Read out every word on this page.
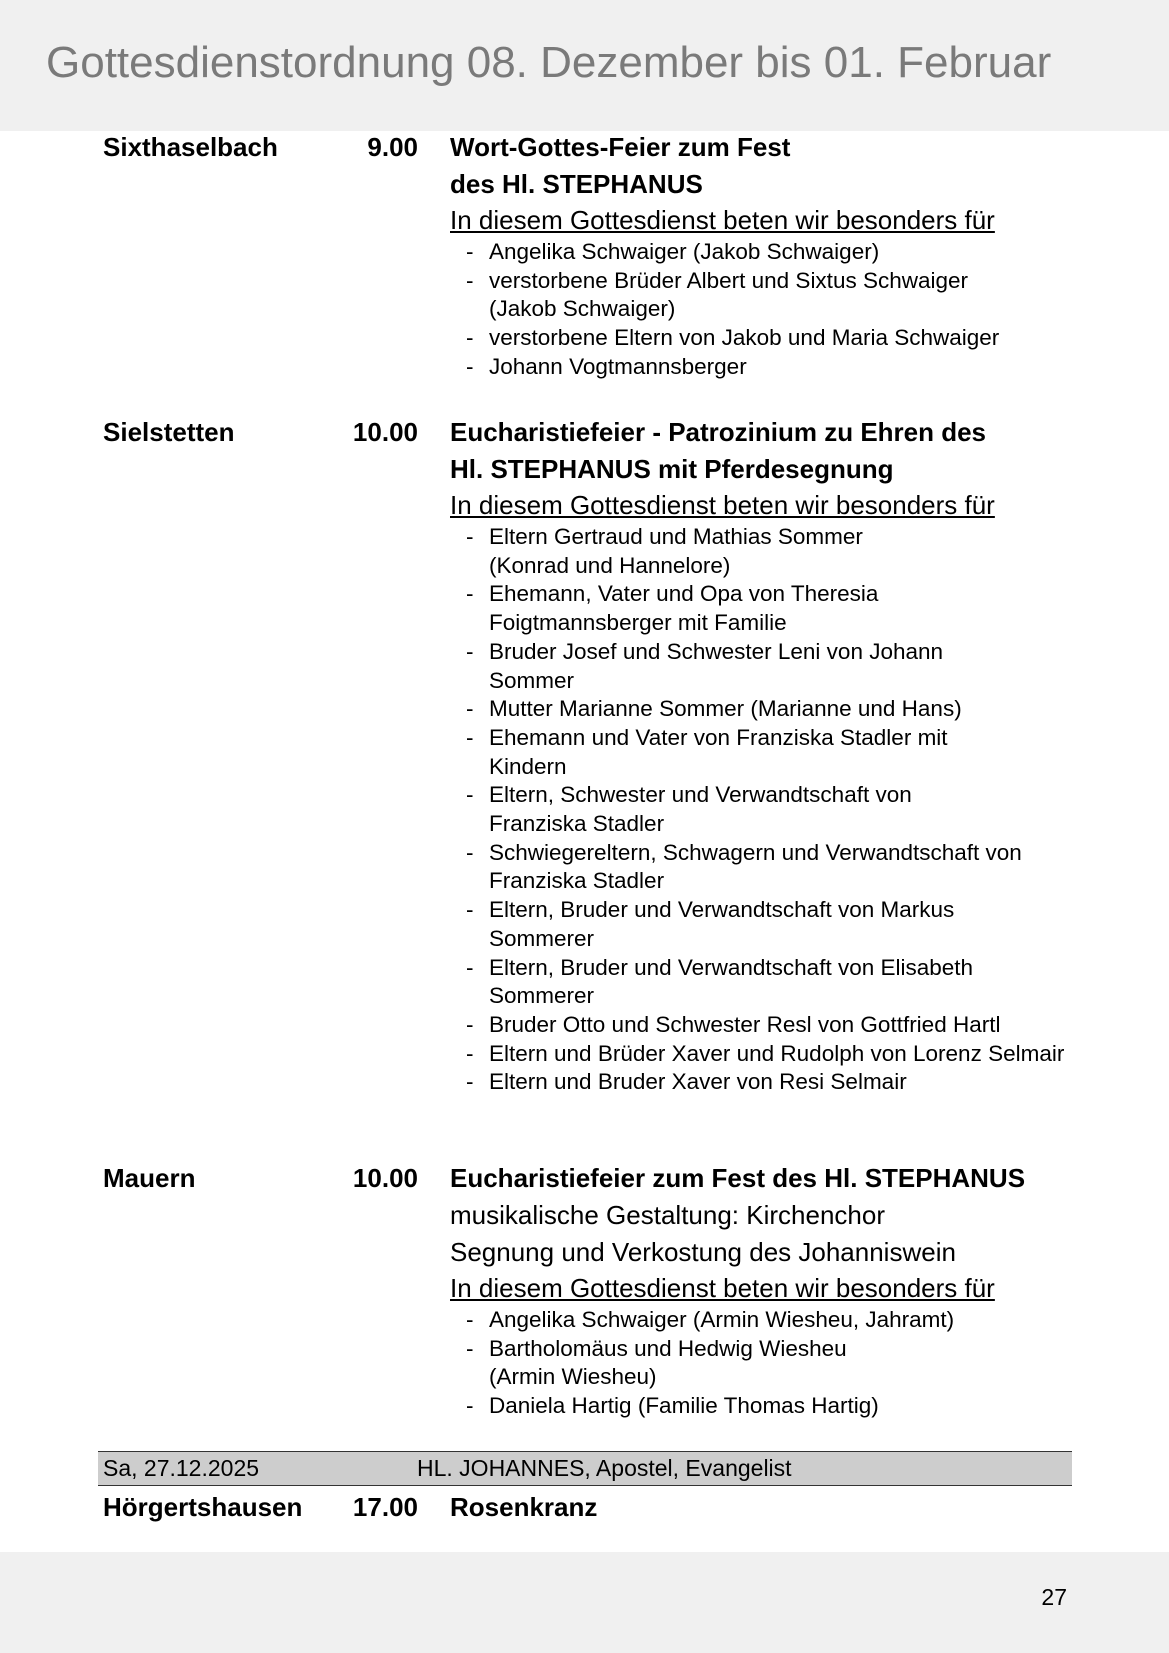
Gottesdienstordnung 08. Dezember bis 01. Februar
Sixthaselbach	9.00 Wort-Gottes-Feier zum Fest
des Hl. STEPHANUS
In diesem Gottesdienst beten wir besonders für
- Angelika Schwaiger (Jakob Schwaiger)
- verstorbene Brüder Albert und Sixtus Schwaiger (Jakob Schwaiger)
- verstorbene Eltern von Jakob und Maria Schwaiger
- Johann Vogtmannsberger
Sielstetten	10.00 Eucharistiefeier - Patrozinium zu Ehren des
Hl. STEPHANUS mit Pferdesegnung
In diesem Gottesdienst beten wir besonders für
- Eltern Gertraud und Mathias Sommer (Konrad und Hannelore)
- Ehemann, Vater und Opa von Theresia Foigtmannsberger mit Familie
- Bruder Josef und Schwester Leni von Johann Sommer
- Mutter Marianne Sommer (Marianne und Hans)
- Ehemann und Vater von Franziska Stadler mit Kindern
- Eltern, Schwester und Verwandtschaft von Franziska Stadler
- Schwiegereltern, Schwagern und Verwandtschaft von Franziska Stadler
- Eltern, Bruder und Verwandtschaft von Markus Sommerer
- Eltern, Bruder und Verwandtschaft von Elisabeth Sommerer
- Bruder Otto und Schwester Resl von Gottfried Hartl
- Eltern und Brüder Xaver und Rudolph von Lorenz Selmair
- Eltern und Bruder Xaver von Resi Selmair
Mauern	10.00 Eucharistiefeier zum Fest des Hl. STEPHANUS
musikalische Gestaltung: Kirchenchor
Segnung und Verkostung des Johanniswein
In diesem Gottesdienst beten wir besonders für
- Angelika Schwaiger (Armin Wiesheu, Jahramt)
- Bartholomäus und Hedwig Wiesheu (Armin Wiesheu)
- Daniela Hartig (Familie Thomas Hartig)
Sa, 27.12.2025	HL. JOHANNES, Apostel, Evangelist
Hörgertshausen	17.00 Rosenkranz
27
